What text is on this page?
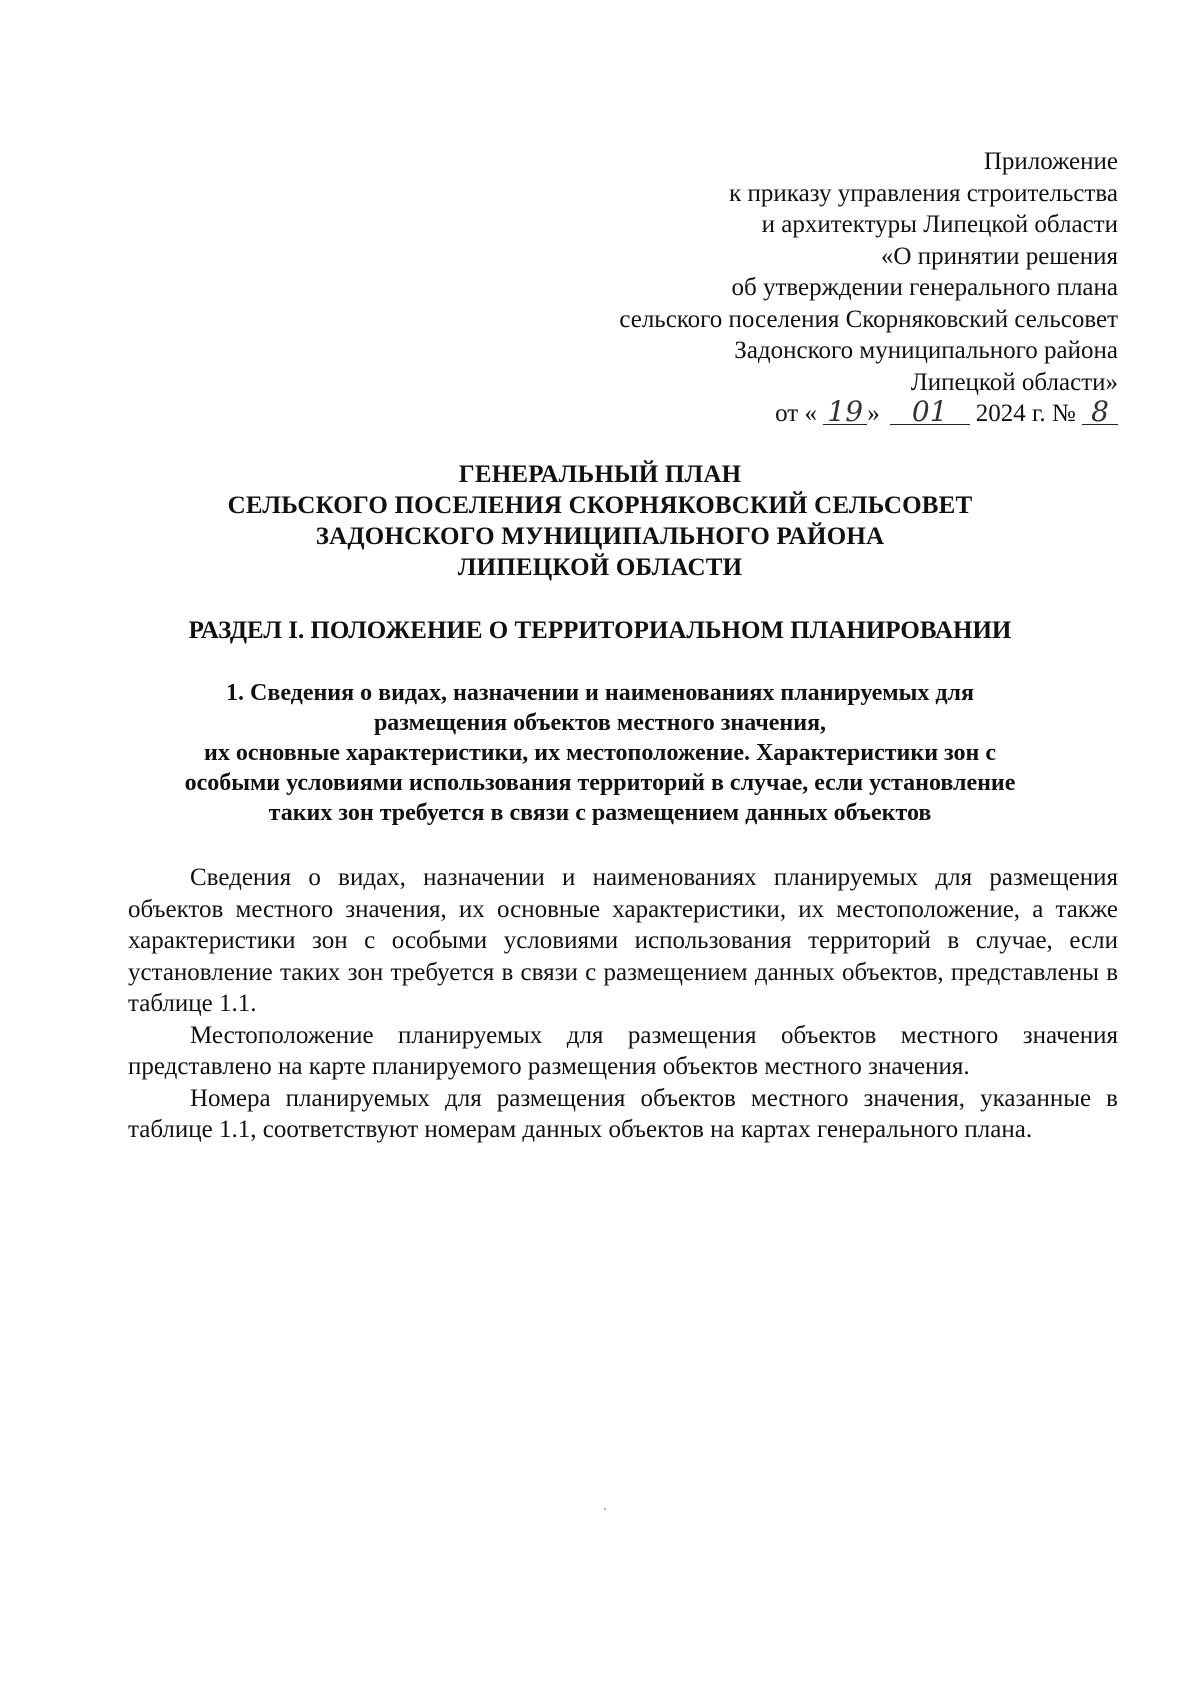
Приложение
к приказу управления строительства
и архитектуры Липецкой области
«О принятии решения
об утверждении генерального плана
сельского поселения Скорняковский сельсовет
Задонского муниципального района
Липецкой области»
от « 19 » 01 2024 г. № 8
ГЕНЕРАЛЬНЫЙ ПЛАН
СЕЛЬСКОГО ПОСЕЛЕНИЯ СКОРНЯКОВСКИЙ СЕЛЬСОВЕТ
ЗАДОНСКОГО МУНИЦИПАЛЬНОГО РАЙОНА
ЛИПЕЦКОЙ ОБЛАСТИ
РАЗДЕЛ I. ПОЛОЖЕНИЕ О ТЕРРИТОРИАЛЬНОМ ПЛАНИРОВАНИИ
1. Сведения о видах, назначении и наименованиях планируемых для
размещения объектов местного значения,
их основные характеристики, их местоположение. Характеристики зон с
особыми условиями использования территорий в случае, если установление
таких зон требуется в связи с размещением данных объектов

Сведения о видах, назначении и наименованиях планируемых для размещения объектов местного значения, их основные характеристики, их местоположение, а также характеристики зон с особыми условиями использования территорий в случае, если установление таких зон требуется в связи с размещением данных объектов, представлены в таблице 1.1.

Местоположение планируемых для размещения объектов местного значения представлено на карте планируемого размещения объектов местного значения.

Номера планируемых для размещения объектов местного значения, указанные в таблице 1.1, соответствуют номерам данных объектов на картах генерального плана.
